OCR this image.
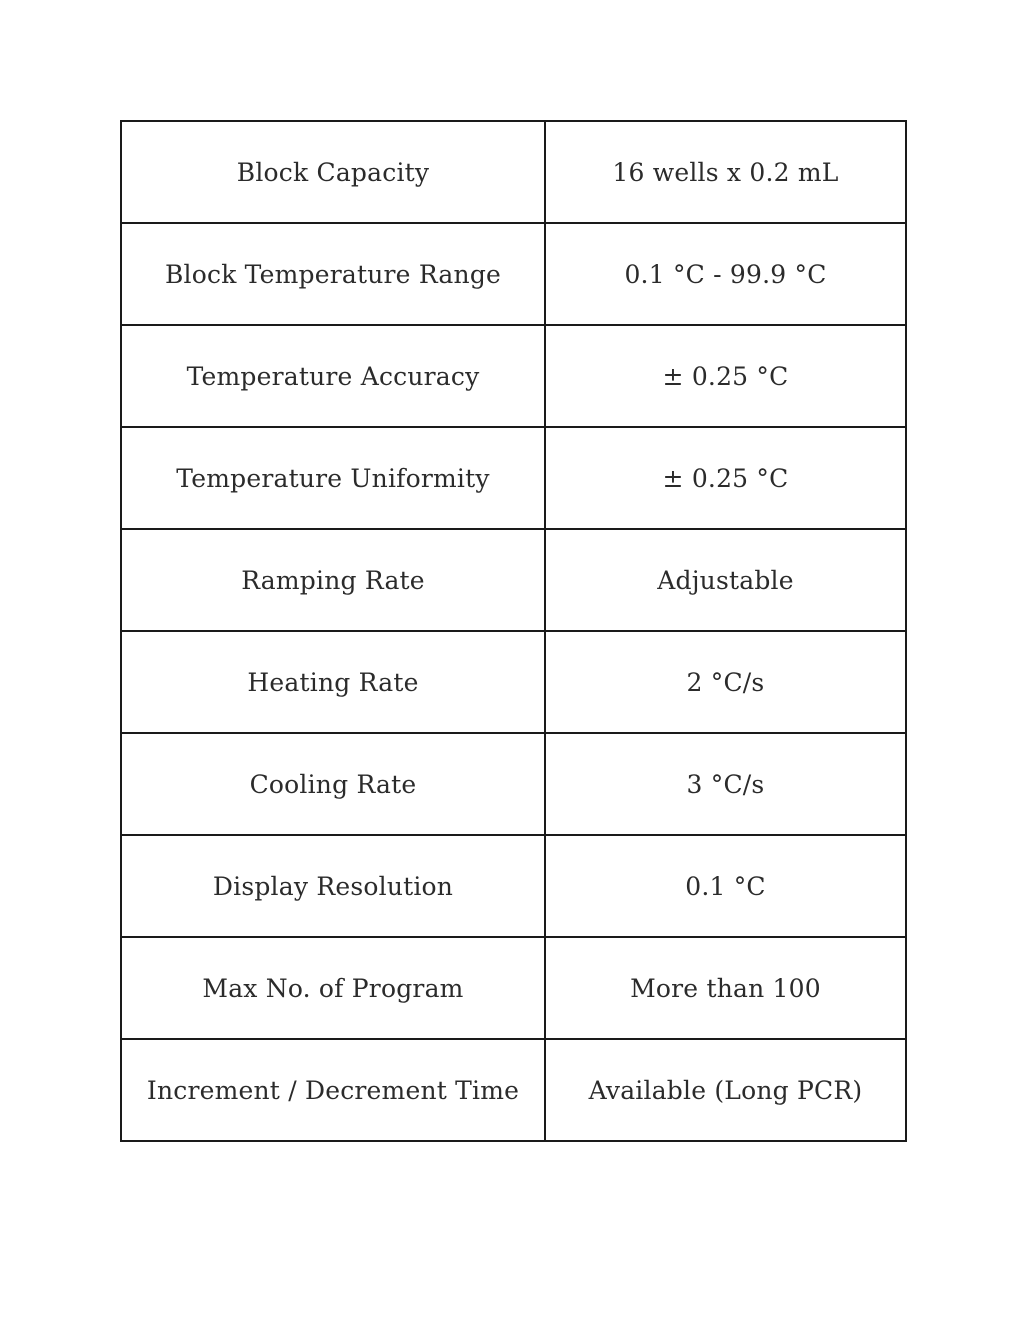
Block Capacity	16 wells x 0.2 mL
Block Temperature Range	0.1 °C - 99.9 °C
Temperature Accuracy	± 0.25 °C
Temperature Uniformity	± 0.25 °C
Ramping Rate	Adjustable
Heating Rate	2 °C/s
Cooling Rate	3 °C/s
Display Resolution	0.1 °C
Max No. of Program	More than 100
Increment / Decrement Time	Available (Long PCR)
